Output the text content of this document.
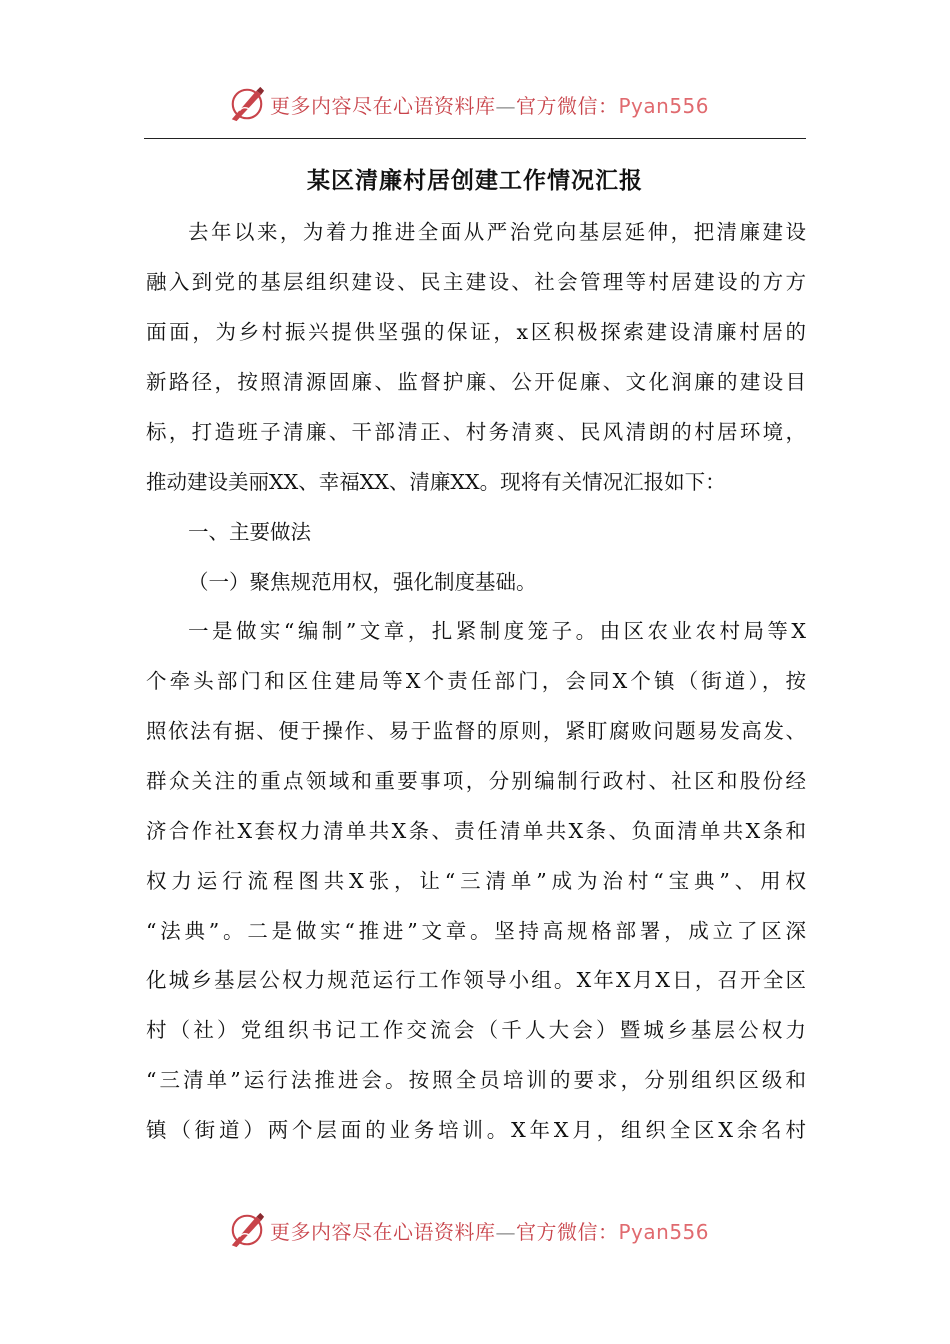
更多内容尽在心语资料库—官方微信：Pyan556
某区清廉村居创建工作情况汇报
去年以来，为着力推进全面从严治党向基层延伸，把清廉建设
融入到党的基层组织建设、民主建设、社会管理等村居建设的方方
面面，为乡村振兴提供坚强的保证，x区积极探索建设清廉村居的
新路径，按照清源固廉、监督护廉、公开促廉、文化润廉的建设目
标，打造班子清廉、干部清正、村务清爽、民风清朗的村居环境，
推动建设美丽XX、幸福XX、清廉XX。现将有关情况汇报如下：
一、主要做法
（一）聚焦规范用权，强化制度基础。
一是做实“编制”文章，扎紧制度笼子。由区农业农村局等X
个牵头部门和区住建局等X个责任部门，会同X个镇（街道），按
照依法有据、便于操作、易于监督的原则，紧盯腐败问题易发高发、
群众关注的重点领域和重要事项，分别编制行政村、社区和股份经
济合作社X套权力清单共X条、责任清单共X条、负面清单共X条和
权力运行流程图共X张，让“三清单”成为治村“宝典”、用权
“法典”。二是做实“推进”文章。坚持高规格部署，成立了区深
化城乡基层公权力规范运行工作领导小组。X年X月X日，召开全区
村（社）党组织书记工作交流会（千人大会）暨城乡基层公权力
“三清单”运行法推进会。按照全员培训的要求，分别组织区级和
镇（街道）两个层面的业务培训。X年X月，组织全区X余名村
更多内容尽在心语资料库—官方微信：Pyan556
